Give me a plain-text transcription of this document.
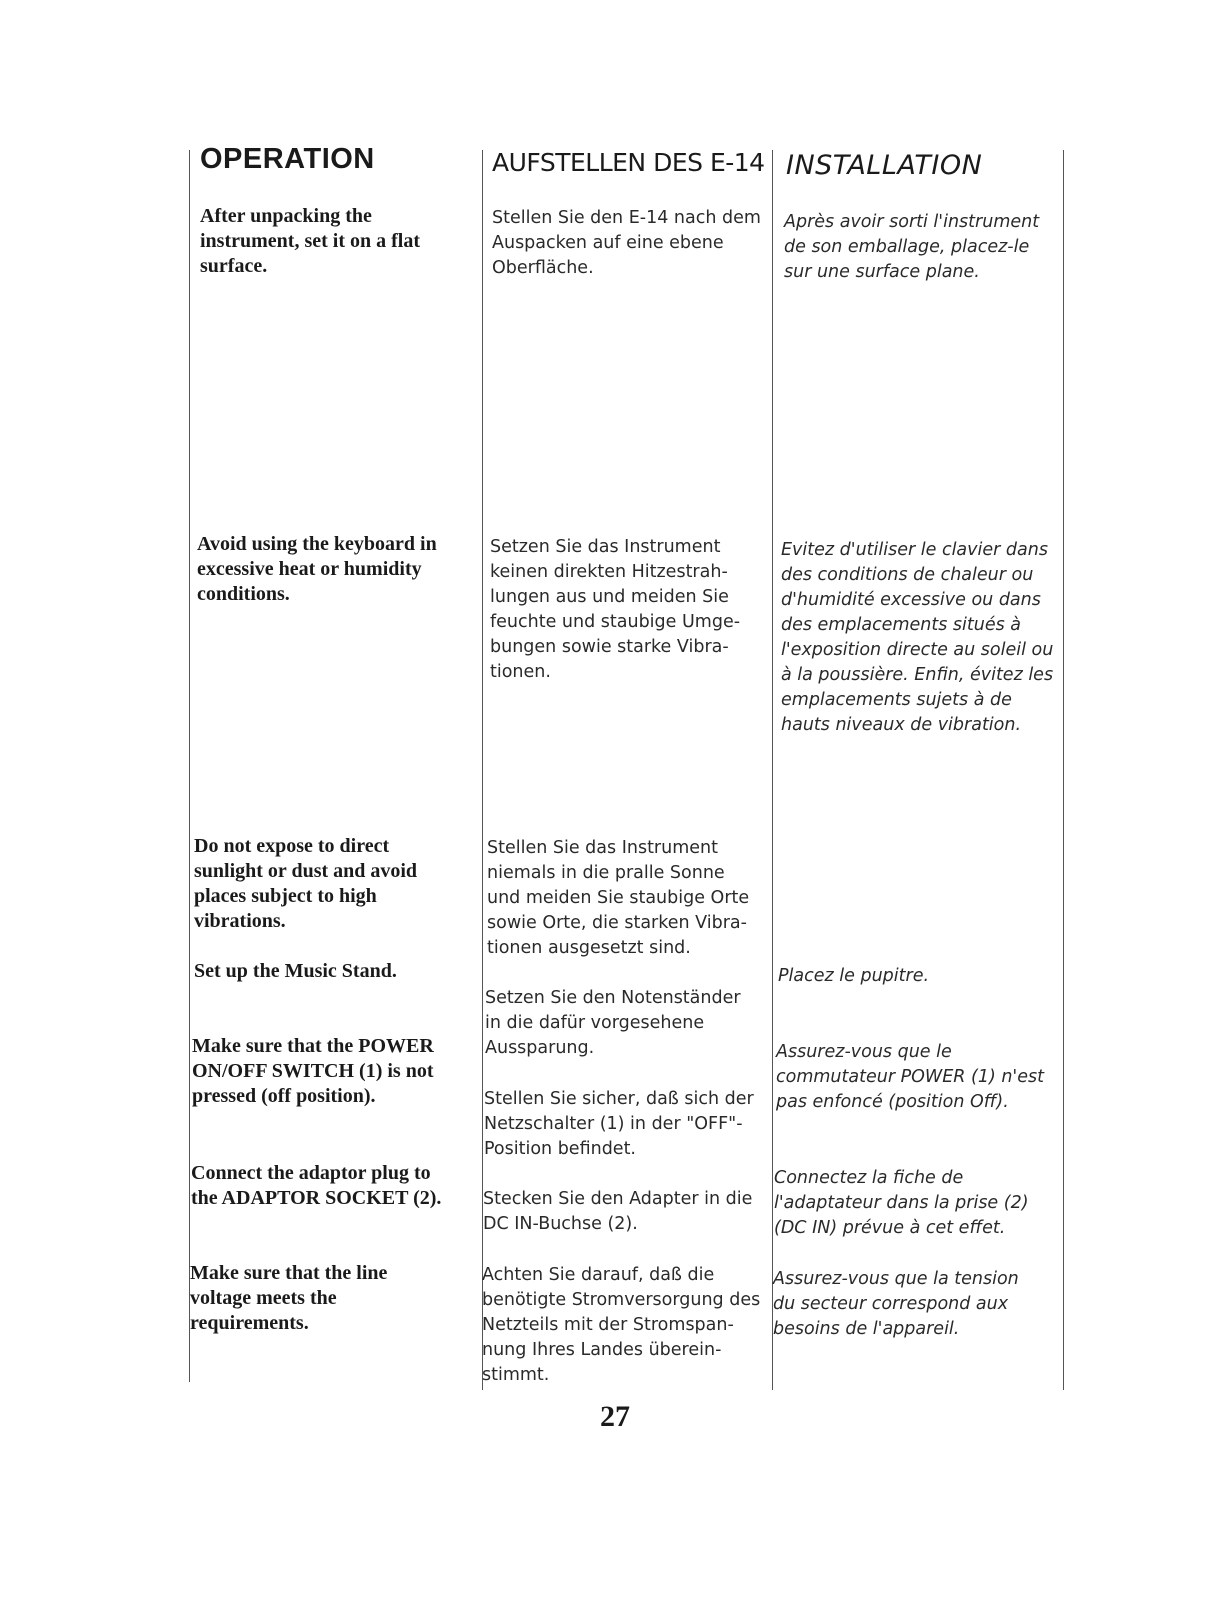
OPERATION	AUFSTELLEN DES E-14 INSTALLATION
After unpacking the instrument, set it on a flat surface.
Avoid using the keyboard in excessive heat or humidity conditions.
Do not expose to direct sunlight or dust and avoid places subject to high vibrations.
Set up the Music Stand.
Make sure that the POWER ON/OFF SWITCH (1) is not pressed (off position).
Connect the adaptor plug to the ADAPTOR SOCKET (2).
Make sure that the line voltage meets the requirements.
Stellen Sie den E-14 nach dem Auspacken auf eine ebene Oberfläche.
Setzen Sie das Instrument keinen direkten Hitzestrah-lungen aus und meiden Sie feuchte und staubige Umge-bungen sowie starke Vibra-tionen.
Stellen Sie das Instrument niemals in die pralle Sonne und meiden Sie staubige Orte sowie Orte, die starken Vibra-tionen ausgesetzt sind.
Setzen Sie den Notenständer in die dafür vorgesehene Aussparung.
Stellen Sie sicher, daß sich der Netzschalter (1) in der "OFF"-Position befindet.
Stecken Sie den Adapter in die DC IN-Buchse (2).
Achten Sie darauf, daß die benötigte Stromversorgung des Netzteils mit der Stromspan-nung Ihres Landes überein-stimmt.
Après avoir sorti l'instrument de son emballage, placez-le sur une surface plane.
Evitez d'utiliser le clavier dans des conditions de chaleur ou d'humidité excessive ou dans des emplacements situés à l'exposition directe au soleil ou à la poussière. Enfin, évitez les emplacements sujets à de hauts niveaux de vibration.
Placez le pupitre.
Assurez-vous que le commutateur POWER (1) n'est pas enfoncé (position Off).
Connectez la fiche de l'adaptateur dans la prise (2) (DC IN) prévue à cet effet.
Assurez-vous que la tension du secteur correspond aux besoins de l'appareil.
27
